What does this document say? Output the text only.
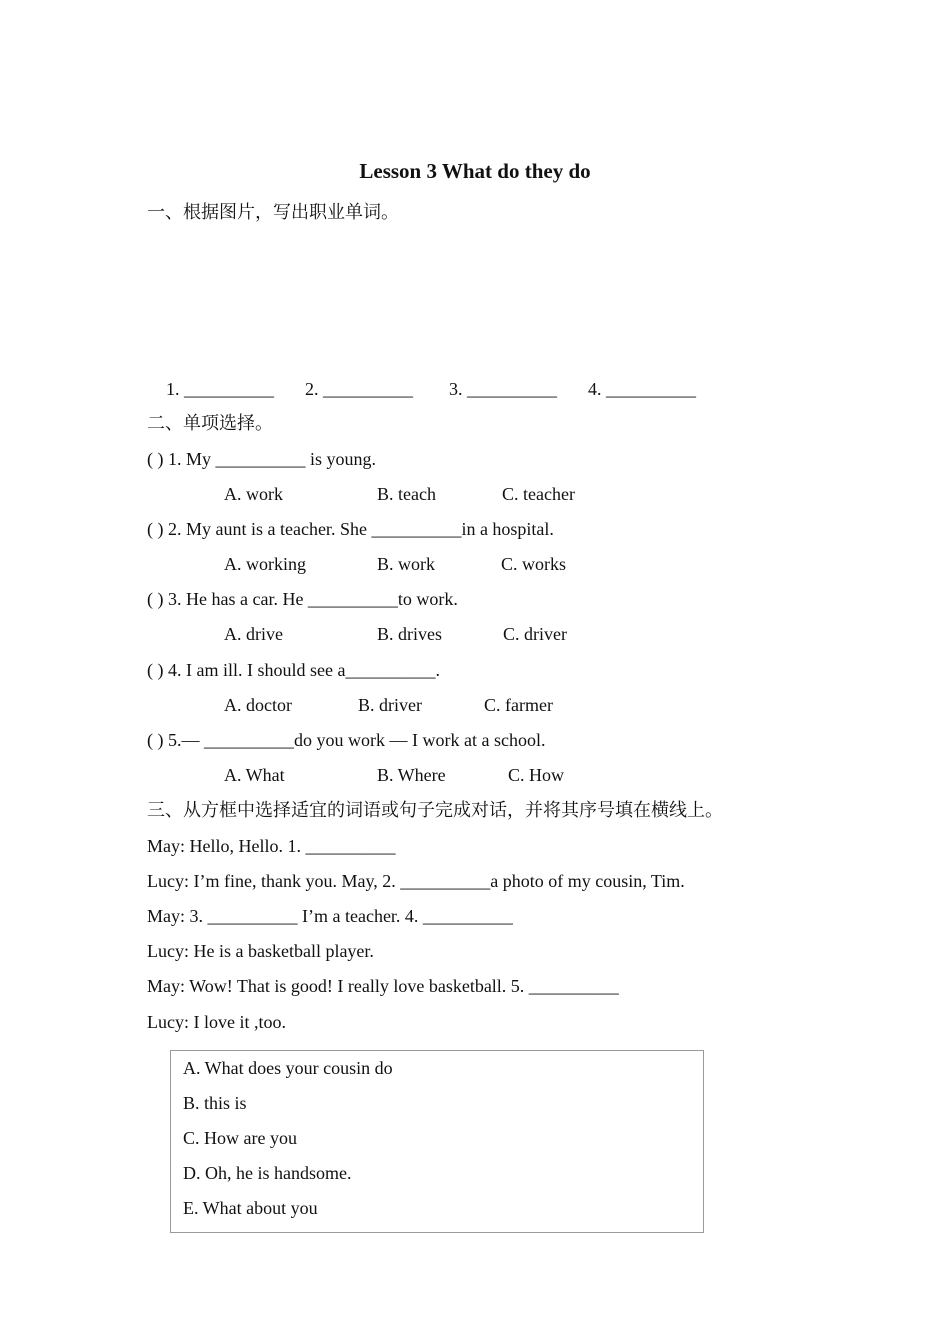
Lesson 3 What do they do
一、根据图片，写出职业单词。
1. __________ 2. __________ 3. __________ 4. __________
二、单项选择。
( ) 1. My __________ is young.
A. work	B. teach	C. teacher
( ) 2. My aunt is a teacher. She __________in a hospital.
A. working	B. work	C. works
( ) 3. He has a car. He __________to work.
A. drive	B. drives	C. driver
( ) 4. I am ill. I should see a__________.
A. doctor	B. driver	C. farmer
( ) 5.— __________do you work — I work at a school.
A. What	B. Where	C. How
三、从方框中选择适宜的词语或句子完成对话，并将其序号填在横线上。
May: Hello, Hello. 1. __________
Lucy: I’m fine, thank you. May, 2. __________a photo of my cousin, Tim.
May: 3. __________ I’m a teacher. 4. __________
Lucy: He is a basketball player.
May: Wow! That is good! I really love basketball. 5. __________
Lucy: I love it ,too.
A. What does your cousin do
B. this is
C. How are you
D. Oh, he is handsome.
E. What about you
